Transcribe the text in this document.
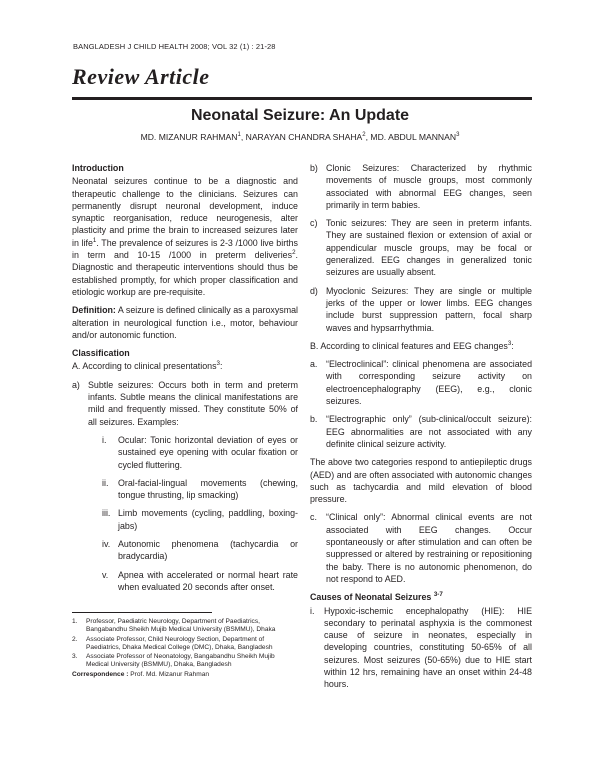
BANGLADESH J CHILD HEALTH 2008; VOL 32 (1) : 21-28
Review Article
Neonatal Seizure: An Update
MD. MIZANUR RAHMAN$^1$, NARAYAN CHANDRA SHAHA$^2$, MD. ABDUL MANNAN$^3$
Introduction

Neonatal seizures continue to be a diagnostic and therapeutic challenge to the clinicians. Seizures can permanently disrupt neuronal development, induce synaptic reorganisation, reduce neurogenesis, alter plasticity and prime the brain to increased seizures later in life$^1$. The prevalence of seizures is 2-3 /1000 live births in term and 10-15 /1000 in preterm deliveries$^2$. Diagnostic and therapeutic interventions should thus be established promptly, for which proper classification and etiologic workup are pre-requisite.

Definition: A seizure is defined clinically as a paroxysmal alteration in neurological function i.e., motor, behaviour and/or autonomic function.

Classification

A. According to clinical presentations$^3$:

a) Subtle seizures: Occurs both in term and preterm infants. Subtle means the clinical manifestations are mild and frequently missed. They constitute 50% of all seizures. Examples:
i.	Ocular: Tonic horizontal deviation of eyes or sustained eye opening with ocular fixation or cycled fluttering.
ii.	Oral-facial-lingual movements (chewing, tongue thrusting, lip smacking)
iii. Limb movements (cycling, paddling, boxing-jabs)
iv. Autonomic phenomena (tachycardia or bradycardia)
v.	Apnea with accelerated or normal heart rate when evaluated 20 seconds after onset.
1.	Professor, Paediatric Neurology, Department of Paediatrics, Bangabandhu Sheikh Mujib Medical University (BSMMU), Dhaka
2.	Associate Professor, Child Neurology Section, Department of Paediatrics, Dhaka Medical College (DMC), Dhaka, Bangladesh
3.	Associate Professor of Neonatology, Bangabandhu Sheikh Mujib Medical University (BSMMU), Dhaka, Bangladesh
Correspondence : Prof. Md. Mizanur Rahman
b) Clonic Seizures: Characterized by rhythmic movements of muscle groups, most commonly associated with abnormal EEG changes, seen primarily in term babies.
c) Tonic seizures: They are seen in preterm infants. They are sustained flexion or extension of axial or appendicular muscle groups, may be focal or generalized. EEG changes in generalized tonic seizures are usually absent.
d) Myoclonic Seizures: They are single or multiple jerks of the upper or lower limbs. EEG changes include burst suppression pattern, focal sharp waves and hypsarrhythmia.

B. According to clinical features and EEG changes$^3$:

a. “Electroclinical”: clinical phenomena are associated with corresponding seizure activity on electroencephalography (EEG), e.g., clonic seizures.
b. “Electrographic only” (sub-clinical/occult seizure): EEG abnormalities are not associated with any definite clinical seizure activity.

The above two categories respond to antiepileptic drugs (AED) and are often associated with autonomic changes such as tachycardia and mild elevation of blood pressure.

c.	“Clinical only”: Abnormal clinical events are not associated with EEG changes. Occur spontaneously or after stimulation and can often be suppressed or altered by restraining or repositioning the baby. There is no autonomic phenomenon, do not respond to AED.
Causes of Neonatal Seizures $^{3-7}$
i.	Hypoxic-ischemic encephalopathy (HIE): HIE secondary to perinatal asphyxia is the commonest cause of seizure in neonates, especially in developing countries, constituting 50-65% of all seizures. Most seizures (50-65%) due to HIE start within 12 hrs, remaining have an onset within 24-48 hours.
